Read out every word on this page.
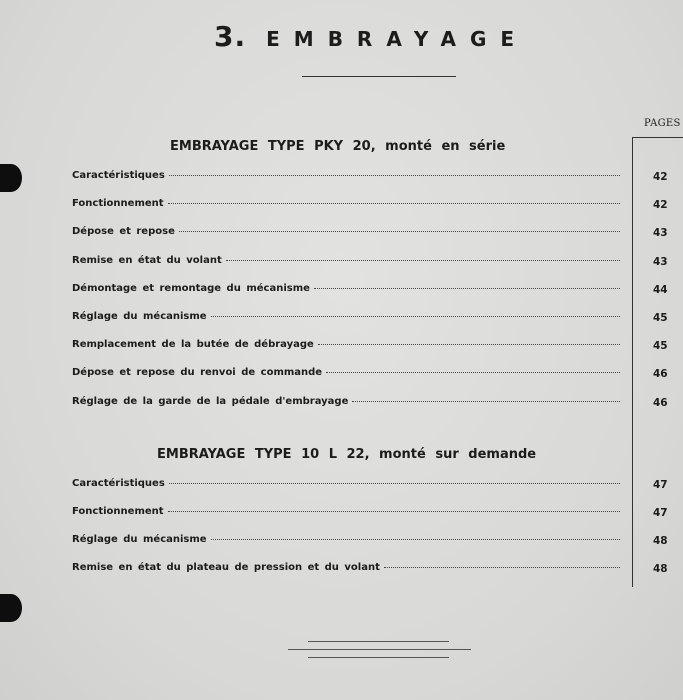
3. EMBRAYAGE
PAGES
EMBRAYAGE TYPE PKY 20, monté en série
Caractéristiques	42
Fonctionnement	42
Dépose et repose	43
Remise en état du volant	43
Démontage et remontage du mécanisme	44
Réglage du mécanisme	45
Remplacement de la butée de débrayage	45
Dépose et repose du renvoi de commande	46
Réglage de la garde de la pédale d'embrayage	46
EMBRAYAGE TYPE 10 L 22, monté sur demande
Caractéristiques	47
Fonctionnement	47
Réglage du mécanisme	48
Remise en état du plateau de pression et du volant	48
